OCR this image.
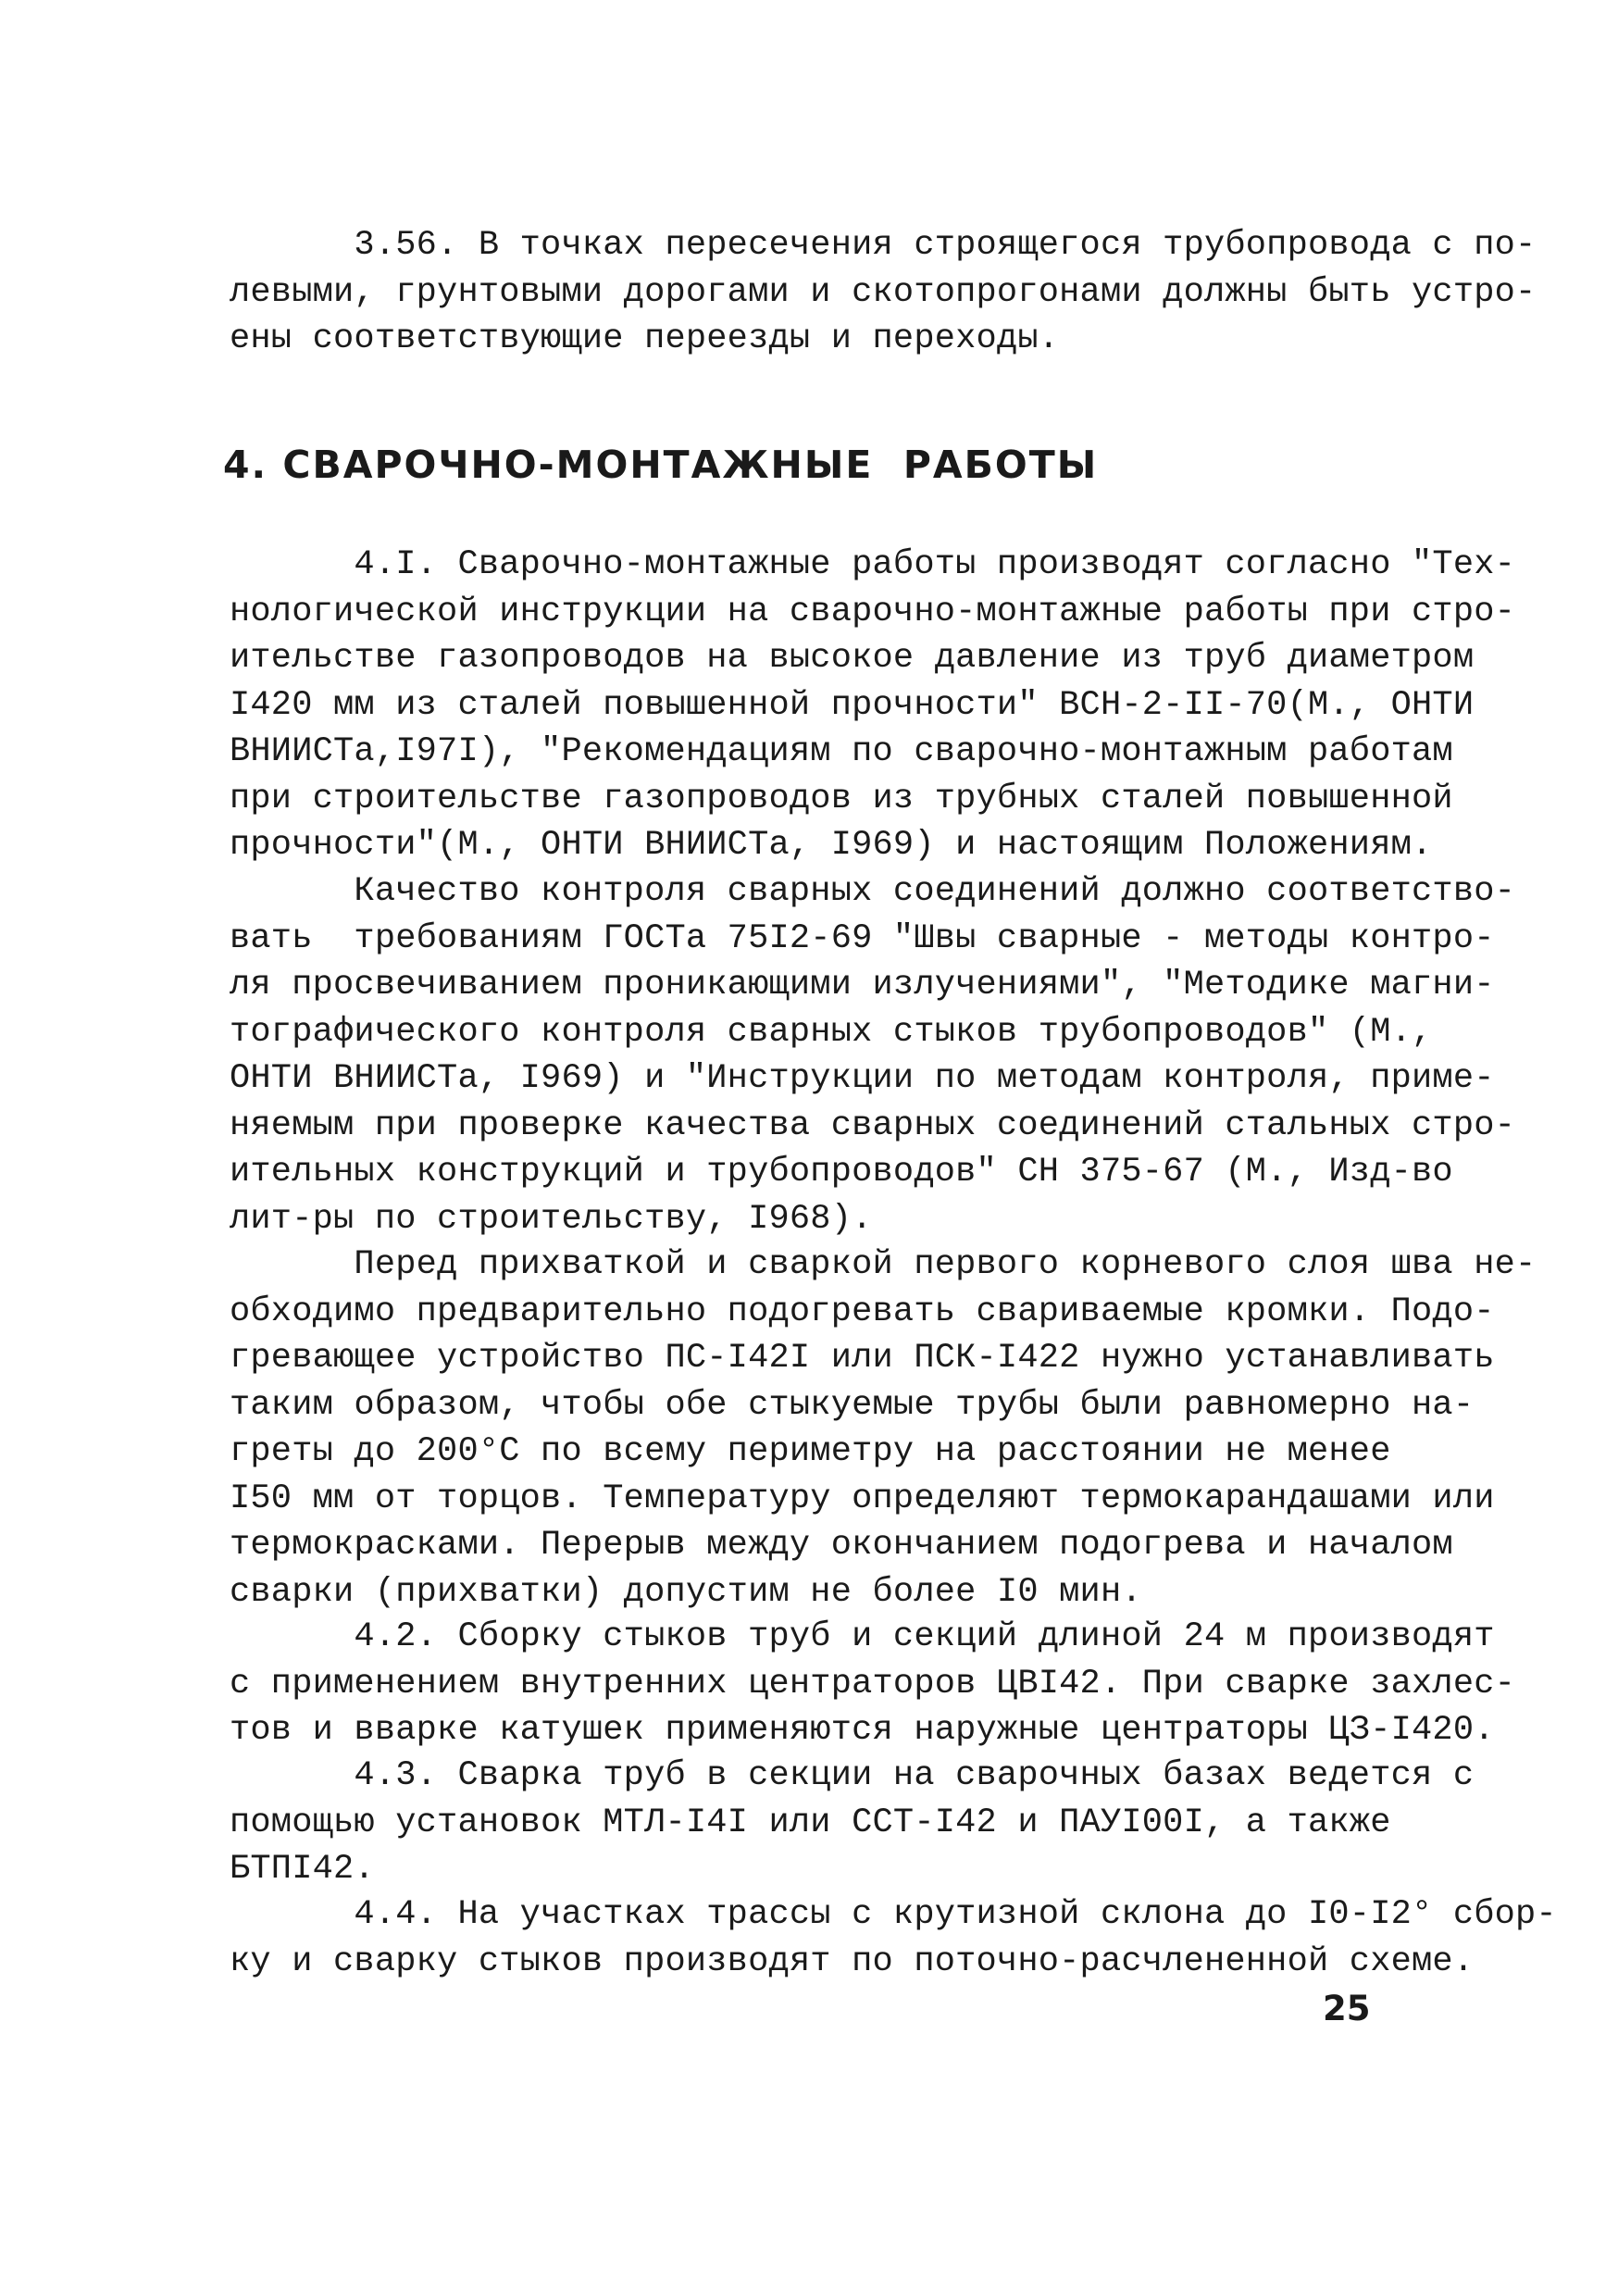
3.56. В точках пересечения строящегося трубопровода с по-
левыми, грунтовыми дорогами и скотопрогонами должны быть устро-
ены соответствующие переезды и переходы.

4. СВАРОЧНО-МОНТАЖНЫЕ  РАБОТЫ

4.I. Сварочно-монтажные работы производят согласно "Тех-
нологической инструкции на сварочно-монтажные работы при стро-
ительстве газопроводов на высокое давление из труб диаметром
I420 мм из сталей повышенной прочности" ВСН-2-II-70(М., ОНТИ
ВНИИСТа,I97I), "Рекомендациям по сварочно-монтажным работам
при строительстве газопроводов из трубных сталей повышенной
прочности"(М., ОНТИ ВНИИСТа, I969) и настоящим Положениям.

Качество контроля сварных соединений должно соответство-
вать  требованиям ГОСТа 75I2-69 "Швы сварные - методы контро-
ля просвечиванием проникающими излучениями", "Методике магни-
тографического контроля сварных стыков трубопроводов" (М.,
ОНТИ ВНИИСТа, I969) и "Инструкции по методам контроля, приме-
няемым при проверке качества сварных соединений стальных стро-
ительных конструкций и трубопроводов" СН 375-67 (М., Изд-во
лит-ры по строительству, I968).

Перед прихваткой и сваркой первого корневого слоя шва не-
обходимо предварительно подогревать свариваемые кромки. Подо-
гревающее устройство ПС-I42I или ПСК-I422 нужно устанавливать
таким образом, чтобы обе стыкуемые трубы были равномерно на-
греты до 200°С по всему периметру на расстоянии не менее
I50 мм от торцов. Температуру определяют термокарандашами или
термокрасками. Перерыв между окончанием подогрева и началом
сварки (прихватки) допустим не более I0 мин.

4.2. Сборку стыков труб и секций длиной 24 м производят
с применением внутренних центраторов ЦВI42. При сварке захлес-
тов и вварке катушек применяются наружные центраторы ЦЗ-I420.

4.3. Сварка труб в секции на сварочных базах ведется с
помощью установок МТЛ-I4I или ССТ-I42 и ПАУI00I, а также
БТПI42.

4.4. На участках трассы с крутизной склона до I0-I2° сбор-
ку и сварку стыков производят по поточно-расчлененной схеме.

25
